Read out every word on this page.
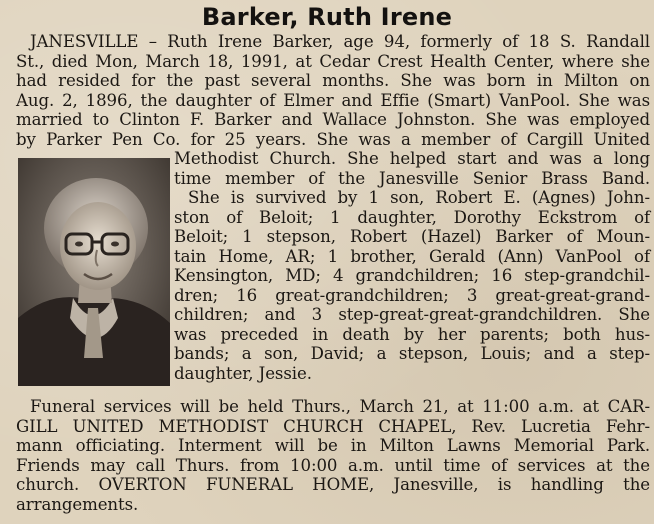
Barker, Ruth Irene
JANESVILLE – Ruth Irene Barker, age 94, formerly of 18 S. Randall
St., died Mon, March 18, 1991, at Cedar Crest Health Center, where she
had resided for the past several months. She was born in Milton on
Aug. 2, 1896, the daughter of Elmer and Effie (Smart) VanPool. She was
married to Clinton F. Barker and Wallace Johnston. She was employed
by Parker Pen Co. for 25 years. She was a member of Cargill United
Methodist Church. She helped start and was a long
time member of the Janesville Senior Brass Band.
She is survived by 1 son, Robert E. (Agnes) John-
ston of Beloit; 1 daughter, Dorothy Eckstrom of
Beloit; 1 stepson, Robert (Hazel) Barker of Moun-
tain Home, AR; 1 brother, Gerald (Ann) VanPool of
Kensington, MD; 4 grandchildren; 16 step-grandchil-
dren; 16 great-grandchildren; 3 great-great-grand-
children; and 3 step-great-great-grandchildren. She
was preceded in death by her parents; both hus-
bands; a son, David; a stepson, Louis; and a step-
daughter, Jessie.
Funeral services will be held Thurs., March 21, at 11:00 a.m. at CAR-
GILL UNITED METHODIST CHURCH CHAPEL, Rev. Lucretia Fehr-
mann officiating. Interment will be in Milton Lawns Memorial Park.
Friends may call Thurs. from 10:00 a.m. until time of services at the
church. OVERTON FUNERAL HOME, Janesville, is handling the
arrangements.
